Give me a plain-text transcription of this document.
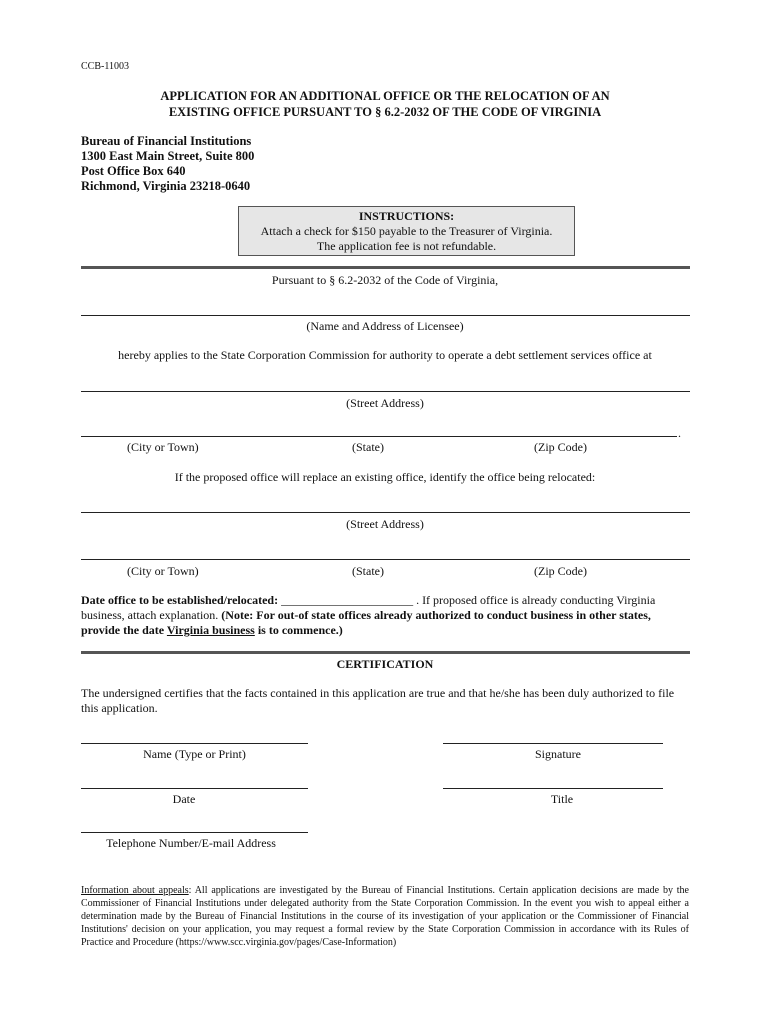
CCB-11003
APPLICATION FOR AN ADDITIONAL OFFICE OR THE RELOCATION OF AN
EXISTING OFFICE PURSUANT TO § 6.2-2032 OF THE CODE OF VIRGINIA
Bureau of Financial Institutions
1300 East Main Street, Suite 800
Post Office Box 640
Richmond, Virginia 23218-0640
INSTRUCTIONS:
Attach a check for $150 payable to the Treasurer of Virginia.
The application fee is not refundable.
Pursuant to § 6.2-2032 of the Code of Virginia,
(Name and Address of Licensee)
hereby applies to the State Corporation Commission for authority to operate a debt settlement services office at
(Street Address)
.
(City or Town)	(State)	(Zip Code)
If the proposed office will replace an existing office, identify the office being relocated:
(Street Address)
(City or Town)	(State)	(Zip Code)
Date office to be established/relocated: ______________________ . If proposed office is already conducting Virginia
business, attach explanation. (Note: For out-of state offices already authorized to conduct business in other states,
provide the date Virginia business is to commence.)
CERTIFICATION
The undersigned certifies that the facts contained in this application are true and that he/she has been duly authorized to file this application.
Name (Type or Print)	Signature
Date	Title
Telephone Number/E-mail Address
Information about appeals: All applications are investigated by the Bureau of Financial Institutions. Certain application decisions are made by the Commissioner of Financial Institutions under delegated authority from the State Corporation Commission. In the event you wish to appeal either a determination made by the Bureau of Financial Institutions in the course of its investigation of your application or the Commissioner of Financial Institutions' decision on your application, you may request a formal review by the State Corporation Commission in accordance with its Rules of Practice and Procedure (https://www.scc.virginia.gov/pages/Case-Information)
